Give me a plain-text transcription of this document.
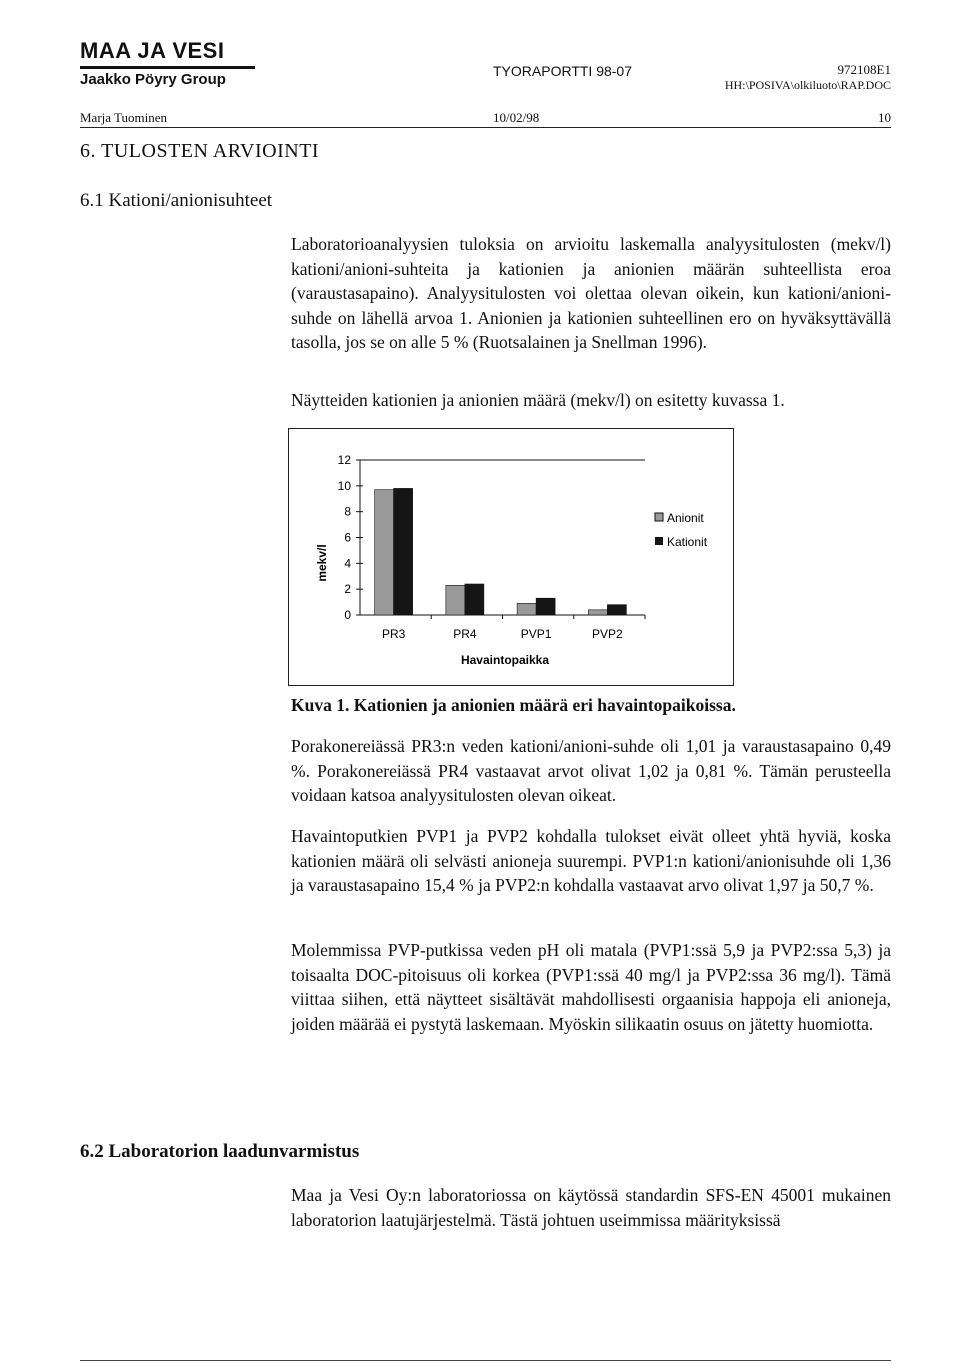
MAA JA VESI
Jaakko Pöyry Group	TYORAPORTTI 98-07	972108E1
HH:\POSIVA\olkiluoto\RAP.DOC
Marja Tuominen	10/02/98	10
6. TULOSTEN ARVIOINTI
6.1 Kationi/anionisuhteet

Laboratorioanalyysien tuloksia on arvioitu laskemalla analyysitulosten (mekv/l) kationi/anioni-suhteita ja kationien ja anionien määrän suhteellista eroa (varaustasapaino). Analyysitulosten voi olettaa olevan oikein, kun kationi/anioni-suhde on lähellä arvoa 1. Anionien ja kationien suhteellinen ero on hyväksyttävällä tasolla, jos se on alle 5 % (Ruotsalainen ja Snellman 1996).

Näytteiden kationien ja anionien määrä (mekv/l) on esitetty kuvassa 1.

mekv/l
0
2
4
6
8
10
12
PR3	PR4	PVP1	PVP2
Havaintopaikka
Anionit
Kationit
Kuva 1. Kationien ja anionien määrä eri havaintopaikoissa.

Porakonereiässä PR3:n veden kationi/anioni-suhde oli 1,01 ja varaustasapaino 0,49 %. Porakonereiässä PR4 vastaavat arvot olivat 1,02 ja 0,81 %. Tämän perusteella voidaan katsoa analyysitulosten olevan oikeat.

Havaintoputkien PVP1 ja PVP2 kohdalla tulokset eivät olleet yhtä hyviä, koska kationien määrä oli selvästi anioneja suurempi. PVP1:n kationi/anionisuhde oli 1,36 ja varaustasapaino 15,4 % ja PVP2:n kohdalla vastaavat arvo olivat 1,97 ja 50,7 %.

Molemmissa PVP-putkissa veden pH oli matala (PVP1:ssä 5,9 ja PVP2:ssa 5,3) ja toisaalta DOC-pitoisuus oli korkea (PVP1:ssä 40 mg/l ja PVP2:ssa 36 mg/l). Tämä viittaa siihen, että näytteet sisältävät mahdollisesti orgaanisia happoja eli anioneja, joiden määrää ei pystytä laskemaan. Myöskin silikaatin osuus on jätetty huomiotta.

6.2 Laboratorion laadunvarmistus

Maa ja Vesi Oy:n laboratoriossa on käytössä standardin SFS-EN 45001 mukainen laboratorion laatujärjestelmä. Tästä johtuen useimmissa määrityksissä
